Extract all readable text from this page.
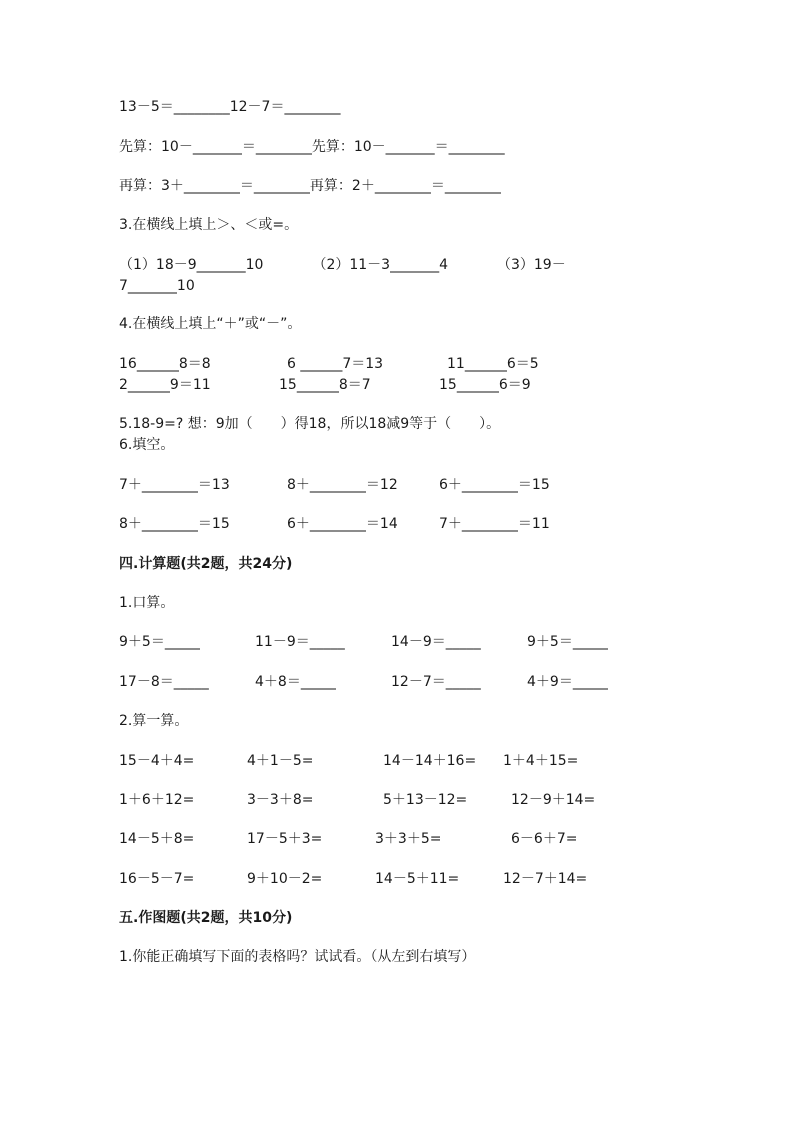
13－5＝________12－7＝________
先算：10－_______＝________先算：10－_______＝________
再算：3＋________＝________再算：2＋________＝________
3.在横线上填上＞、＜或=。
（1）18－9_______10　　　　（2）11－3_______4　　　　（3）19－
7_______10
4.在横线上填上“＋”或“－”。
16______8＝8	6 ______7＝13	11______6＝5
2______9＝11	15______8＝7	15______6＝9
5.18-9=? 想：9加（　　）得18，所以18减9等于（　　）。
6.填空。
7＋________＝13	8＋________＝12	6＋________＝15
8＋________＝15	6＋________＝14	7＋________＝11
四.计算题(共2题，共24分)
1.口算。
9＋5＝_____	11－9＝_____	14－9＝_____	9＋5＝_____
17－8＝_____	4＋8＝_____	12－7＝_____	4＋9＝_____
2.算一算。
15－4＋4=	4＋1－5=	14－14＋16= 1＋4＋15=
1＋6＋12=	3－3＋8=	5＋13－12=	12－9＋14=
14－5＋8=	17－5＋3=	3＋3＋5=	6－6＋7=
16－5－7=	9＋10－2=	14－5＋11=	12－7＋14=
五.作图题(共2题，共10分)
1.你能正确填写下面的表格吗？试试看。（从左到右填写）
